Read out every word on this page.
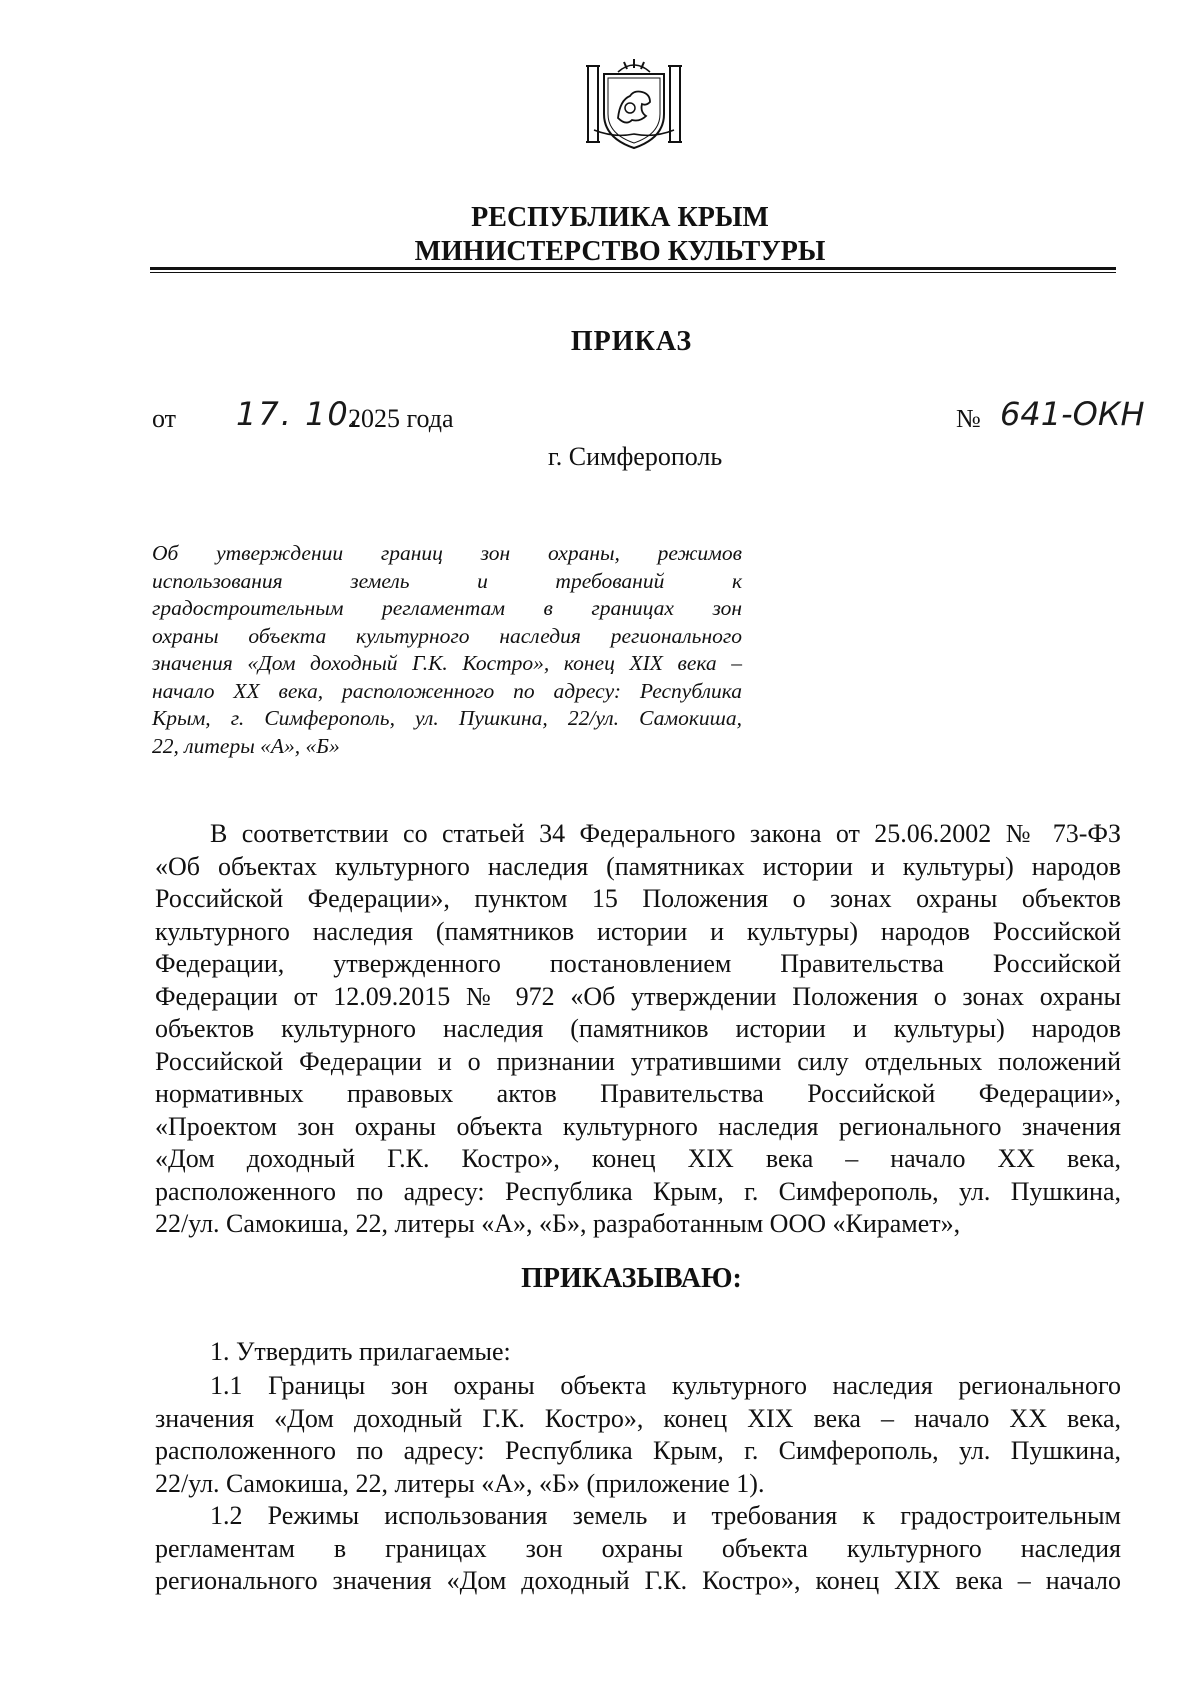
РЕСПУБЛИКА КРЫМ
МИНИСТЕРСТВО КУЛЬТУРЫ
ПРИКАЗ
от 17. 10.
2025 года	№ 641-ОКН
г. Симферополь
Об утверждении границ зон охраны, режимов
использования земель и требований к
градостроительным регламентам в границах зон
охраны объекта культурного наследия регионального
значения «Дом доходный Г.К. Костро», конец XIX века –
начало XX века, расположенного по адресу: Республика
Крым, г. Симферополь, ул. Пушкина, 22/ул. Самокиша,
22, литеры «А», «Б»
В соответствии со статьей 34 Федерального закона от 25.06.2002 № 73-ФЗ
«Об объектах культурного наследия (памятниках истории и культуры) народов
Российской Федерации», пунктом 15 Положения о зонах охраны объектов
культурного наследия (памятников истории и культуры) народов Российской
Федерации, утвержденного постановлением Правительства Российской
Федерации от 12.09.2015 № 972 «Об утверждении Положения о зонах охраны
объектов культурного наследия (памятников истории и культуры) народов
Российской Федерации и о признании утратившими силу отдельных положений
нормативных правовых актов Правительства Российской Федерации»,
«Проектом зон охраны объекта культурного наследия регионального значения
«Дом доходный Г.К. Костро», конец XIX века – начало XX века,
расположенного по адресу: Республика Крым, г. Симферополь, ул. Пушкина,
22/ул. Самокиша, 22, литеры «А», «Б», разработанным ООО «Кирамет»,
ПРИКАЗЫВАЮ:
1. Утвердить прилагаемые:
1.1 Границы зон охраны объекта культурного наследия регионального
значения «Дом доходный Г.К. Костро», конец XIX века – начало XX века,
расположенного по адресу: Республика Крым, г. Симферополь, ул. Пушкина,
22/ул. Самокиша, 22, литеры «А», «Б» (приложение 1).
1.2 Режимы использования земель и требования к градостроительным
регламентам в границах зон охраны объекта культурного наследия
регионального значения «Дом доходный Г.К. Костро», конец XIX века – начало
